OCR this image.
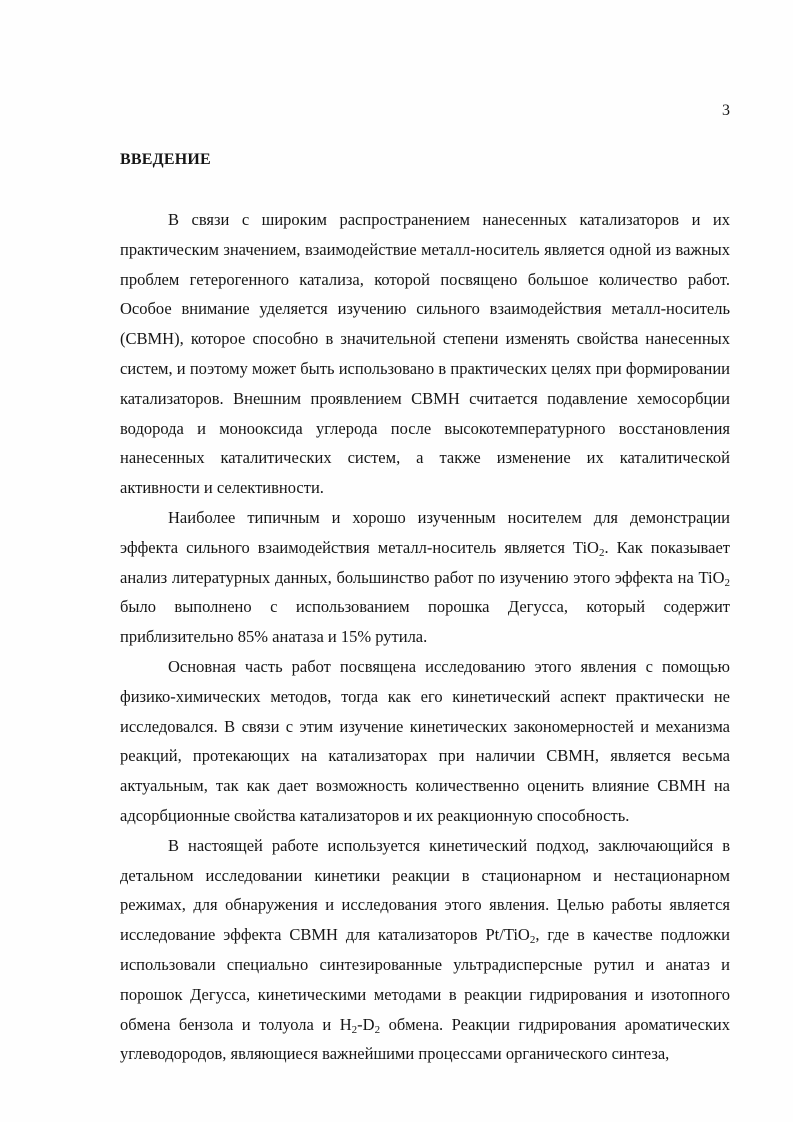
3
ВВЕДЕНИЕ

В связи с широким распространением нанесенных катализаторов и их практическим значением, взаимодействие металл-носитель является одной из важных проблем гетерогенного катализа, которой посвящено большое количество работ. Особое внимание уделяется изучению сильного взаимодействия металл-носитель (СВМН), которое способно в значительной степени изменять свойства нанесенных систем, и поэтому может быть использовано в практических целях при формировании катализаторов. Внешним проявлением СВМН считается подавление хемосорбции водорода и монооксида углерода после высокотемпературного восстановления нанесенных каталитических систем, а также изменение их каталитической активности и селективности.

Наиболее типичным и хорошо изученным носителем для демонстрации эффекта сильного взаимодействия металл-носитель является TiO$_2$. Как показывает анализ литературных данных, большинство работ по изучению этого эффекта на TiO$_2$ было выполнено с использованием порошка Дегусса, который содержит приблизительно 85% анатаза и 15% рутила.

Основная часть работ посвящена исследованию этого явления с помощью физико-химических методов, тогда как его кинетический аспект практически не исследовался. В связи с этим изучение кинетических закономерностей и механизма реакций, протекающих на катализаторах при наличии СВМН, является весьма актуальным, так как дает возможность количественно оценить влияние СВМН на адсорбционные свойства катализаторов и их реакционную способность.

В настоящей работе используется кинетический подход, заключающийся в детальном исследовании кинетики реакции в стационарном и нестационарном режимах, для обнаружения и исследования этого явления. Целью работы является исследование эффекта СВМН для катализаторов Pt/TiO$_2$, где в качестве подложки использовали специально синтезированные ультрадисперсные рутил и анатаз и порошок Дегусса, кинетическими методами в реакции гидрирования и изотопного обмена бензола и толуола и $H_2-D_2$ обмена. Реакции гидрирования ароматических углеводородов, являющиеся важнейшими процессами органического синтеза,
